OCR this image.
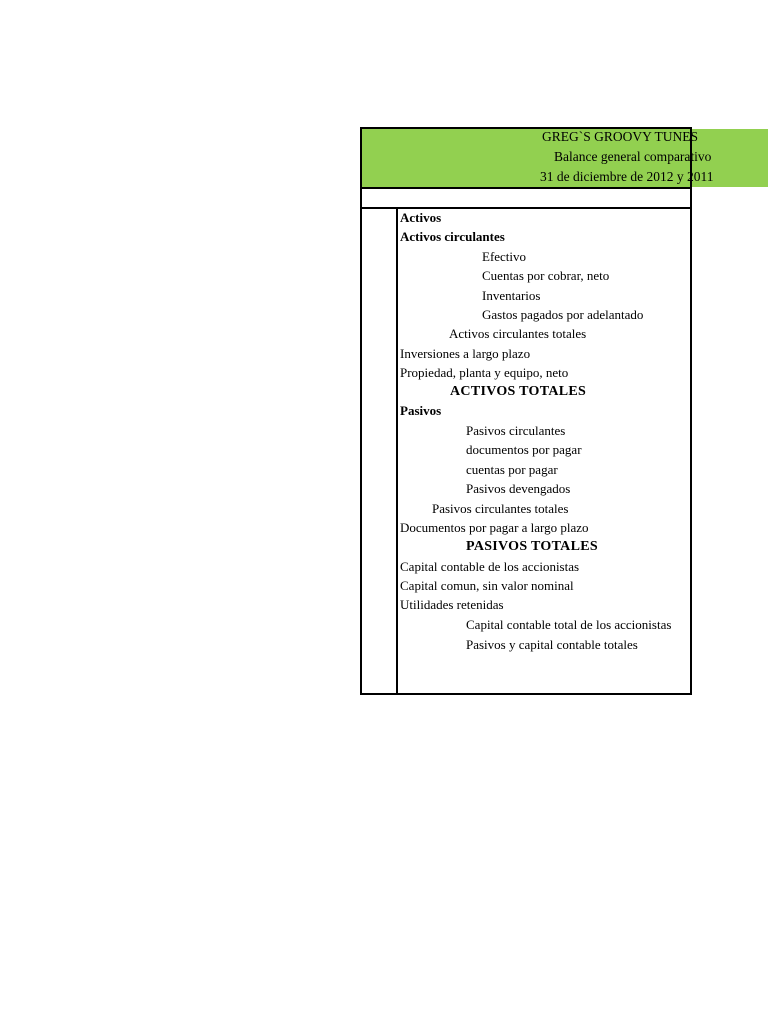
GREG`S GROOVY TUNES
Balance general comparativo
31 de diciembre de 2012 y 2011
Activos
Activos circulantes
Efectivo
Cuentas por cobrar, neto
Inventarios
Gastos pagados por adelantado
Activos circulantes totales
Inversiones a largo plazo
Propiedad, planta y equipo, neto
ACTIVOS TOTALES
Pasivos
Pasivos circulantes
documentos por pagar
cuentas por pagar
Pasivos devengados
Pasivos circulantes totales
Documentos por pagar a largo plazo
PASIVOS TOTALES
Capital contable de los accionistas
Capital comun, sin valor nominal
Utilidades retenidas
Capital contable total de los accionistas
Pasivos y capital contable totales
